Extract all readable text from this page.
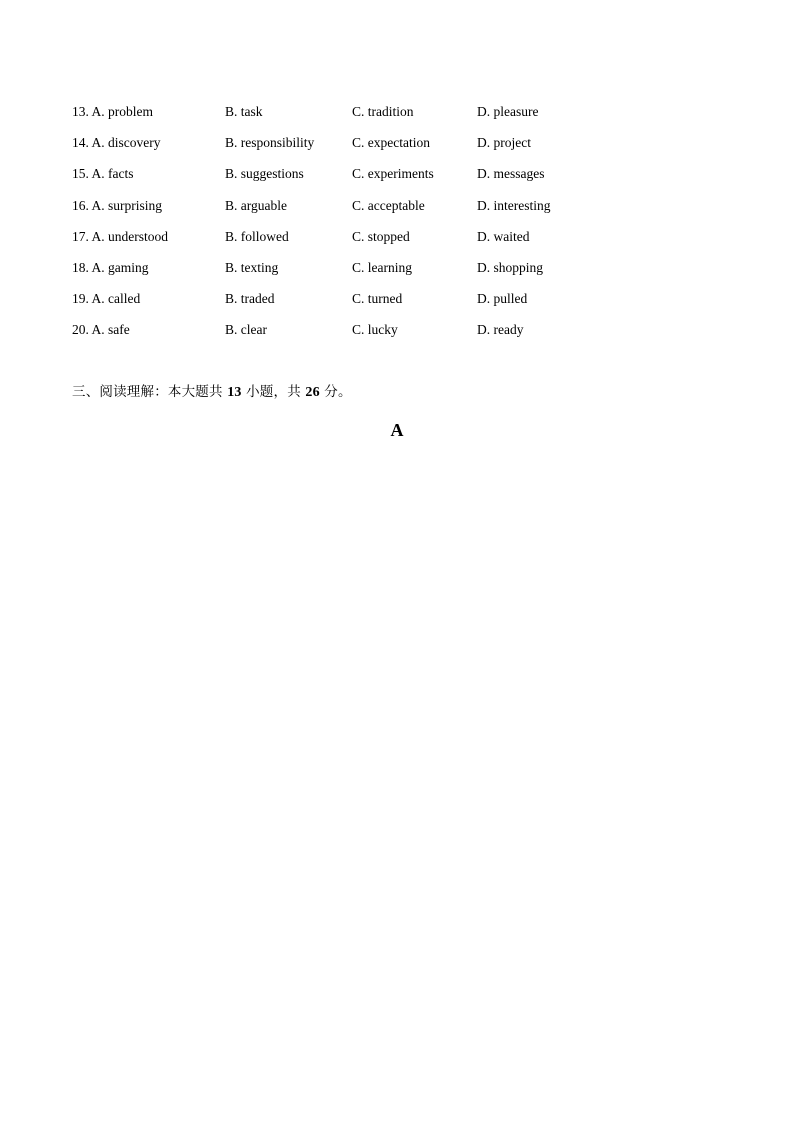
13. A. problem	B. task	C. tradition	D. pleasure
14. A. discovery	B. responsibility	C. expectation	D. project
15. A. facts	B. suggestions	C. experiments	D. messages
16. A. surprising	B. arguable	C. acceptable	D. interesting
17. A. understood	B. followed	C. stopped	D. waited
18. A. gaming	B. texting	C. learning	D. shopping
19. A. called	B. traded	C. turned	D. pulled
20. A. safe	B. clear	C. lucky	D. ready
三、阅读理解：本大题共 13 小题，共 26 分。
A
